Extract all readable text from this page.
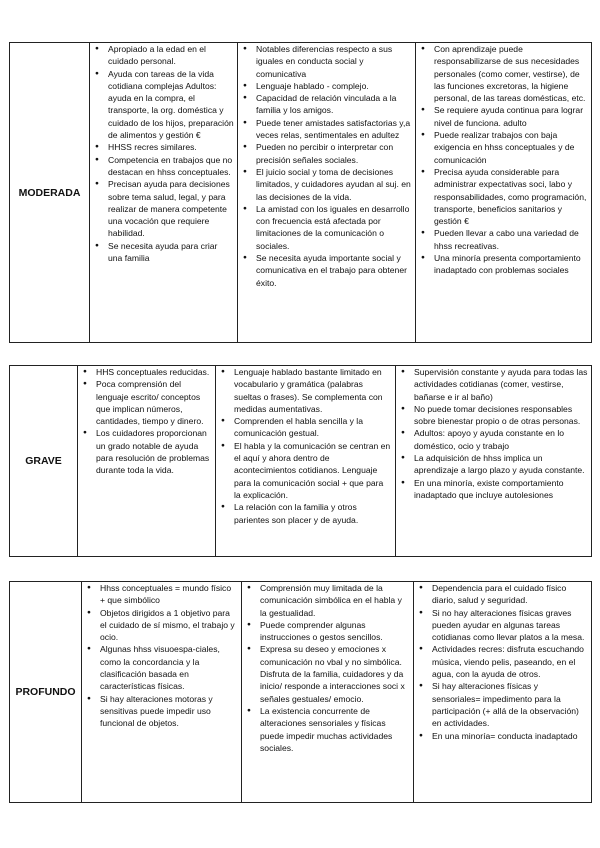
MODERADA	
● Apropiado a la edad en el cuidado personal.
● Ayuda con tareas de la vida cotidiana complejas Adultos: ayuda en la compra, el transporte, la org. doméstica y cuidado de los hijos, preparación de alimentos y gestión €
● HHSS recres similares.
● Competencia en trabajos que no destacan en hhss conceptuales.
● Precisan ayuda para decisiones sobre tema salud, legal, y para realizar de manera competente una vocación que requiere habilidad.
● Se necesita ayuda para criar una familia

● Notables diferencias respecto a sus iguales en conducta social y comunicativa
● Lenguaje hablado - complejo.
● Capacidad de relación vinculada a la familia y los amigos.
● Puede tener amistades satisfactorias y,a veces relas, sentimentales en adultez
● Pueden no percibir o interpretar con precisión señales sociales.
● El juicio social y toma de decisiones limitados, y cuidadores ayudan al suj. en las decisiones de la vida.
● La amistad con los iguales en desarrollo con frecuencia está afectada por limitaciones de la comunicación o sociales.
● Se necesita ayuda importante social y comunicativa en el trabajo para obtener éxito.

● Con aprendizaje puede responsabilizarse de sus necesidades personales (como comer, vestirse), de las funciones excretoras, la higiene personal, de las tareas domésticas, etc.
● Se requiere ayuda continua para lograr nivel de funciona. adulto
● Puede realizar trabajos con baja exigencia en hhss conceptuales y de comunicación
● Precisa ayuda considerable para administrar expectativas soci, labo y responsabilidades, como programación, transporte, beneficios sanitarios y gestión €
● Pueden llevar a cabo una variedad de hhss recreativas.
● Una minoría presenta comportamiento inadaptado con problemas sociales
GRAVE	
● HHS conceptuales reducidas.
● Poca comprensión del lenguaje escrito/ conceptos que implican números, cantidades, tiempo y dinero.
● Los cuidadores proporcionan un grado notable de ayuda para resolución de problemas durante toda la vida.

● Lenguaje hablado bastante limitado en vocabulario y gramática (palabras sueltas o frases). Se complementa con medidas aumentativas.
● Comprenden el habla sencilla y la comunicación gestual.
● El habla y la comunicación se centran en el aquí y ahora dentro de acontecimientos cotidianos. Lenguaje para la comunicación social + que para la explicación.
● La relación con la familia y otros parientes son placer y de ayuda.

● Supervisión constante y ayuda para todas las actividades cotidianas (comer, vestirse, bañarse e ir al baño)
● No puede tomar decisiones responsables sobre bienestar propio o de otras personas.
● Adultos: apoyo y ayuda constante en lo doméstico, ocio y trabajo
● La adquisición de hhss implica un aprendizaje a largo plazo y ayuda constante.
● En una minoría, existe comportamiento inadaptado que incluye autolesiones
PROFUNDO	
● Hhss conceptuales = mundo físico + que simbólico
● Objetos dirigidos a 1 objetivo para el cuidado de sí mismo, el trabajo y ocio.
● Algunas hhss visuoespa-ciales, como la concordancia y la clasificación basada en características físicas.
● Si hay alteraciones motoras y sensitivas puede impedir uso funcional de objetos.

● Comprensión muy limitada de la comunicación simbólica en el habla y la gestualidad.
● Puede comprender algunas instrucciones o gestos sencillos.
● Expresa su deseo y emociones x comunicación no vbal y no simbólica. Disfruta de la familia, cuidadores y da inicio/ responde a interacciones soci x señales gestuales/ emocio.
● La existencia concurrente de alteraciones sensoriales y físicas puede impedir muchas actividades sociales.

● Dependencia para el cuidado físico diario, salud y seguridad.
● Si no hay alteraciones físicas graves pueden ayudar en algunas tareas cotidianas como llevar platos a la mesa.
● Actividades recres: disfruta escuchando música, viendo pelis, paseando, en el agua, con la ayuda de otros.
● Si hay alteraciones físicas y sensoriales= impedimento para la participación (+ allá de la observación) en actividades.
● En una minoría= conducta inadaptado
